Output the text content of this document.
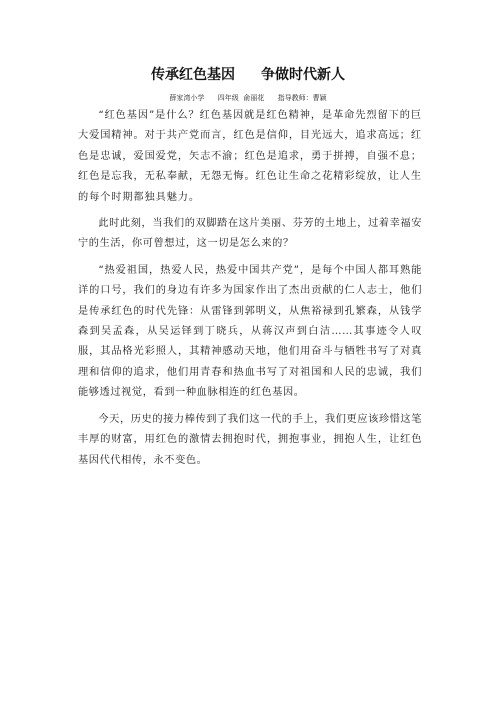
传承红色基因 争做时代新人
薛家湾小学      四年级  俞丽花      指导教师：曹颖

“红色基因”是什么？红色基因就是红色精神，是革命先烈留下的巨大爱国精神。对于共产党而言，红色是信仰，目光远大，追求高远；红色是忠诚，爱国爱党，矢志不渝；红色是追求，勇于拼搏，自强不息；红色是忘我，无私奉献，无怨无悔。红色让生命之花精彩绽放，让人生的每个时期都独具魅力。

此时此刻，当我们的双脚踏在这片美丽、芬芳的土地上，过着幸福安宁的生活，你可曾想过，这一切是怎么来的？

“热爱祖国，热爱人民，热爱中国共产党”，是每个中国人都耳熟能详的口号，我们的身边有许多为国家作出了杰出贡献的仁人志士，他们是传承红色的时代先锋：从雷锋到郭明义，从焦裕禄到孔繁森，从钱学森到吴孟森，从吴运铎到丁晓兵，从蒋汉声到白洁……其事迹令人叹服，其品格光彩照人，其精神感动天地，他们用奋斗与牺牲书写了对真理和信仰的追求，他们用青春和热血书写了对祖国和人民的忠诚，我们能够透过视觉，看到一种血脉相连的红色基因。

今天，历史的接力棒传到了我们这一代的手上，我们更应该珍惜这笔丰厚的财富，用红色的激情去拥抱时代，拥抱事业，拥抱人生，让红色基因代代相传，永不变色。
